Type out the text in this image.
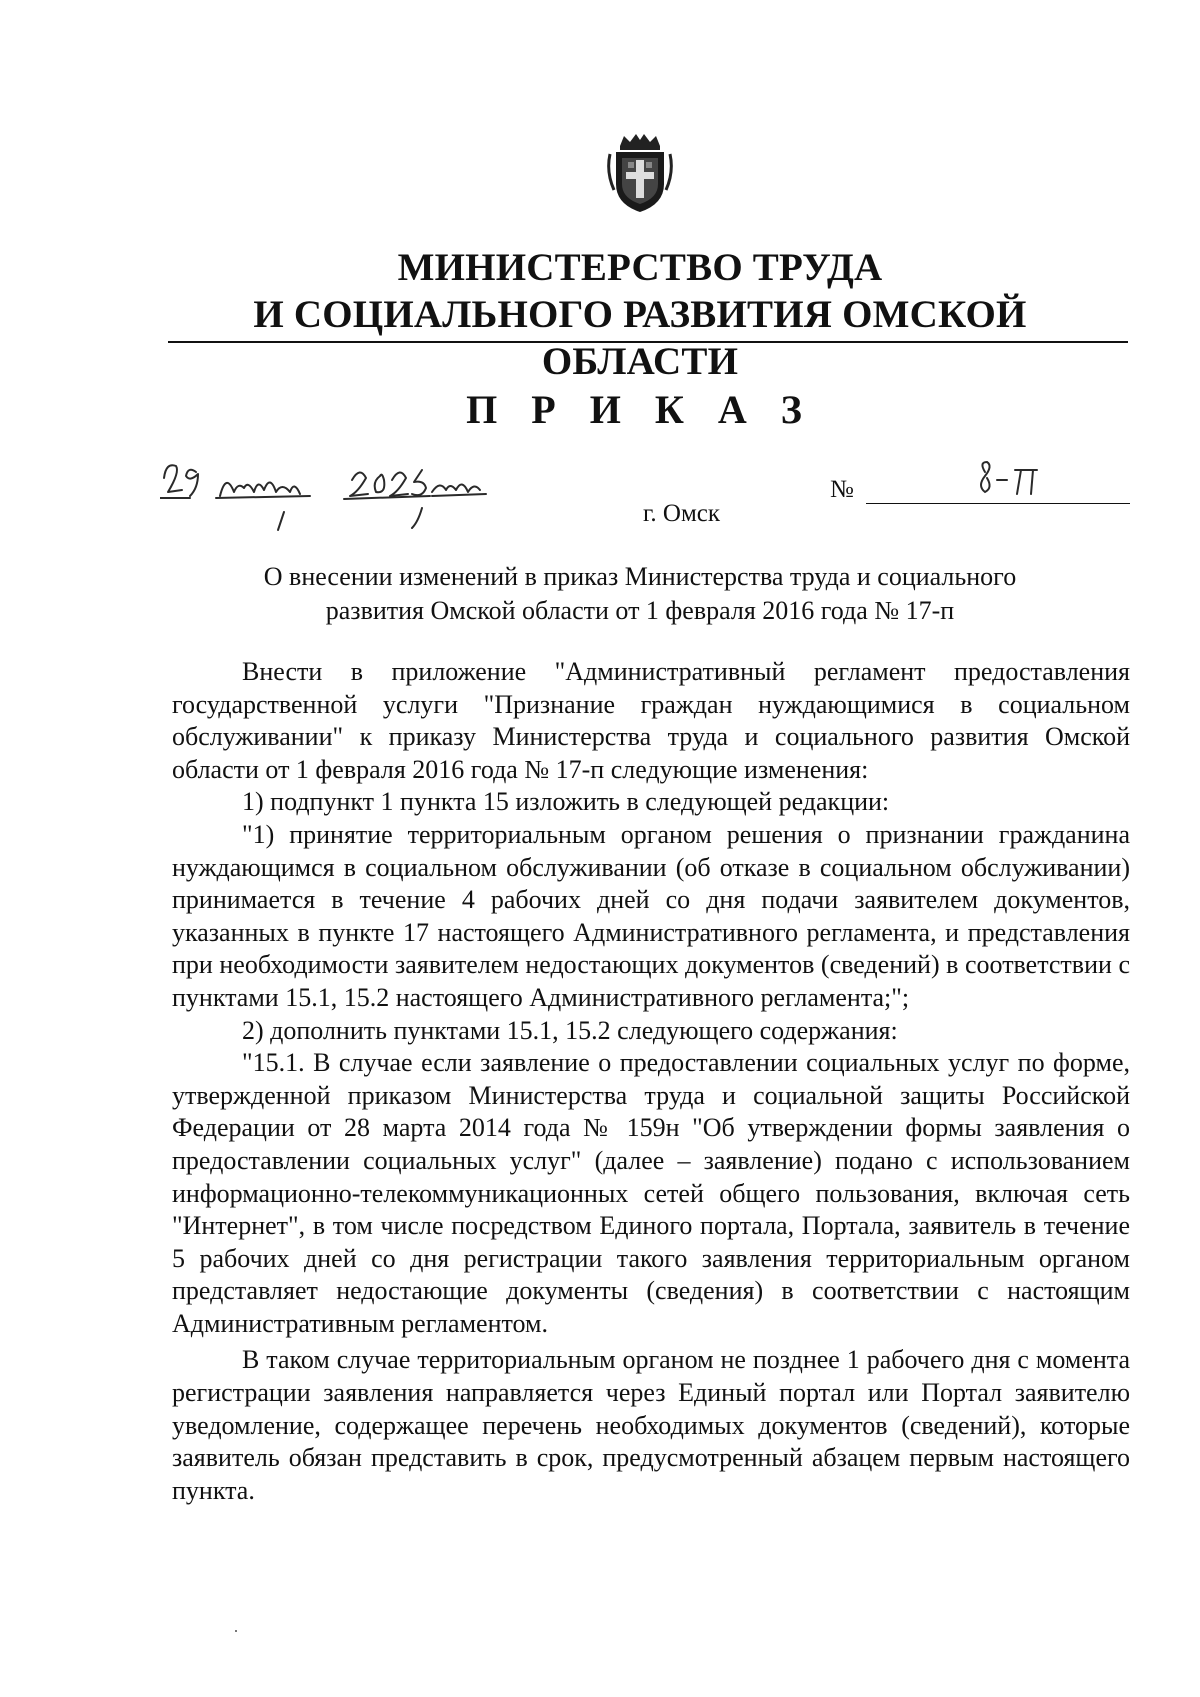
МИНИСТЕРСТВО ТРУДА
И СОЦИАЛЬНОГО РАЗВИТИЯ ОМСКОЙ ОБЛАСТИ
П Р И К А З
№
г. Омск
О внесении изменений в приказ Министерства труда и социального
развития Омской области от 1 февраля 2016 года № 17-п

Внести в приложение "Административный регламент предоставления государственной услуги "Признание граждан нуждающимися в социальном обслуживании" к приказу Министерства труда и социального развития Омской области от 1 февраля 2016 года № 17-п следующие изменения:

1) подпункт 1 пункта 15 изложить в следующей редакции:

"1) принятие территориальным органом решения о признании гражданина нуждающимся в социальном обслуживании (об отказе в социальном обслуживании) принимается в течение 4 рабочих дней со дня подачи заявителем документов, указанных в пункте 17 настоящего Административного регламента, и представления при необходимости заявителем недостающих документов (сведений) в соответствии с пунктами 15.1, 15.2 настоящего Административного регламента;";

2) дополнить пунктами 15.1, 15.2 следующего содержания:

"15.1. В случае если заявление о предоставлении социальных услуг по форме, утвержденной приказом Министерства труда и социальной защиты Российской Федерации от 28 марта 2014 года № 159н "Об утверждении формы заявления о предоставлении социальных услуг" (далее – заявление) подано с использованием информационно-телекоммуникационных сетей общего пользования, включая сеть "Интернет", в том числе посредством Единого портала, Портала, заявитель в течение 5 рабочих дней со дня регистрации такого заявления территориальным органом представляет недостающие документы (сведения) в соответствии с настоящим Административным регламентом.

В таком случае территориальным органом не позднее 1 рабочего дня с момента регистрации заявления направляется через Единый портал или Портал заявителю уведомление, содержащее перечень необходимых документов (сведений), которые заявитель обязан представить в срок, предусмотренный абзацем первым настоящего пункта.
